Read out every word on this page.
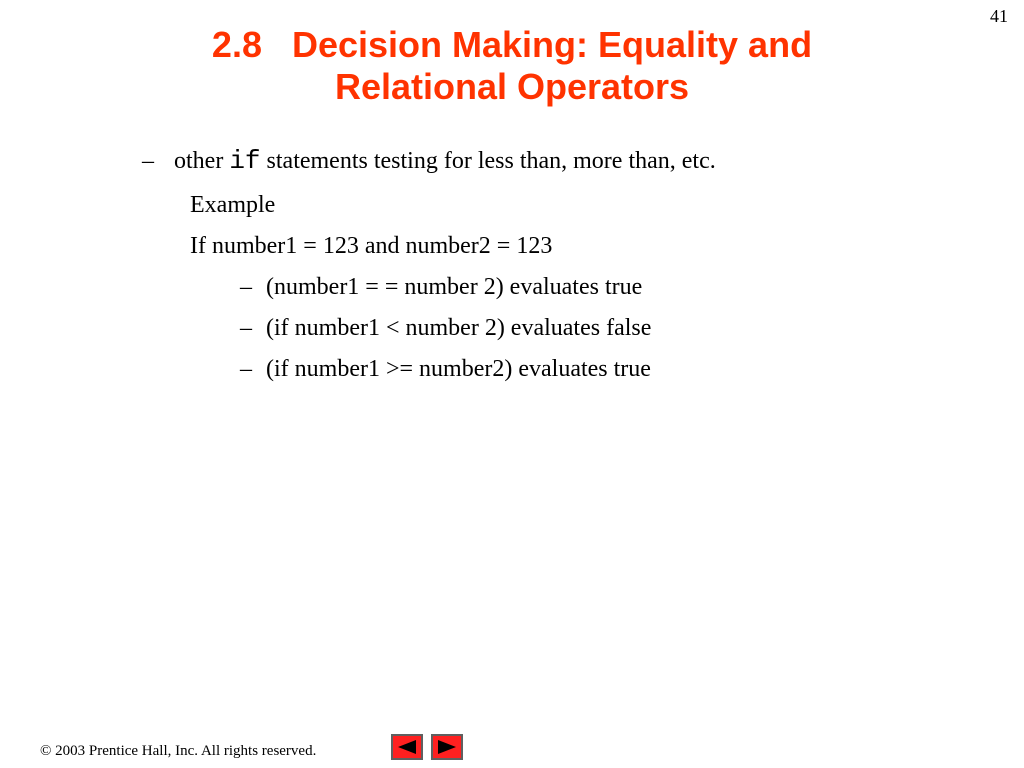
41
2.8 Decision Making: Equality and
Relational Operators
– other if statements testing for less than, more than, etc.
Example
If number1 = 123 and number2 = 123
– (number1 = = number 2) evaluates true
– (if number1 < number 2) evaluates false
– (if number1 >= number2) evaluates true
© 2003 Prentice Hall, Inc. All rights reserved.
